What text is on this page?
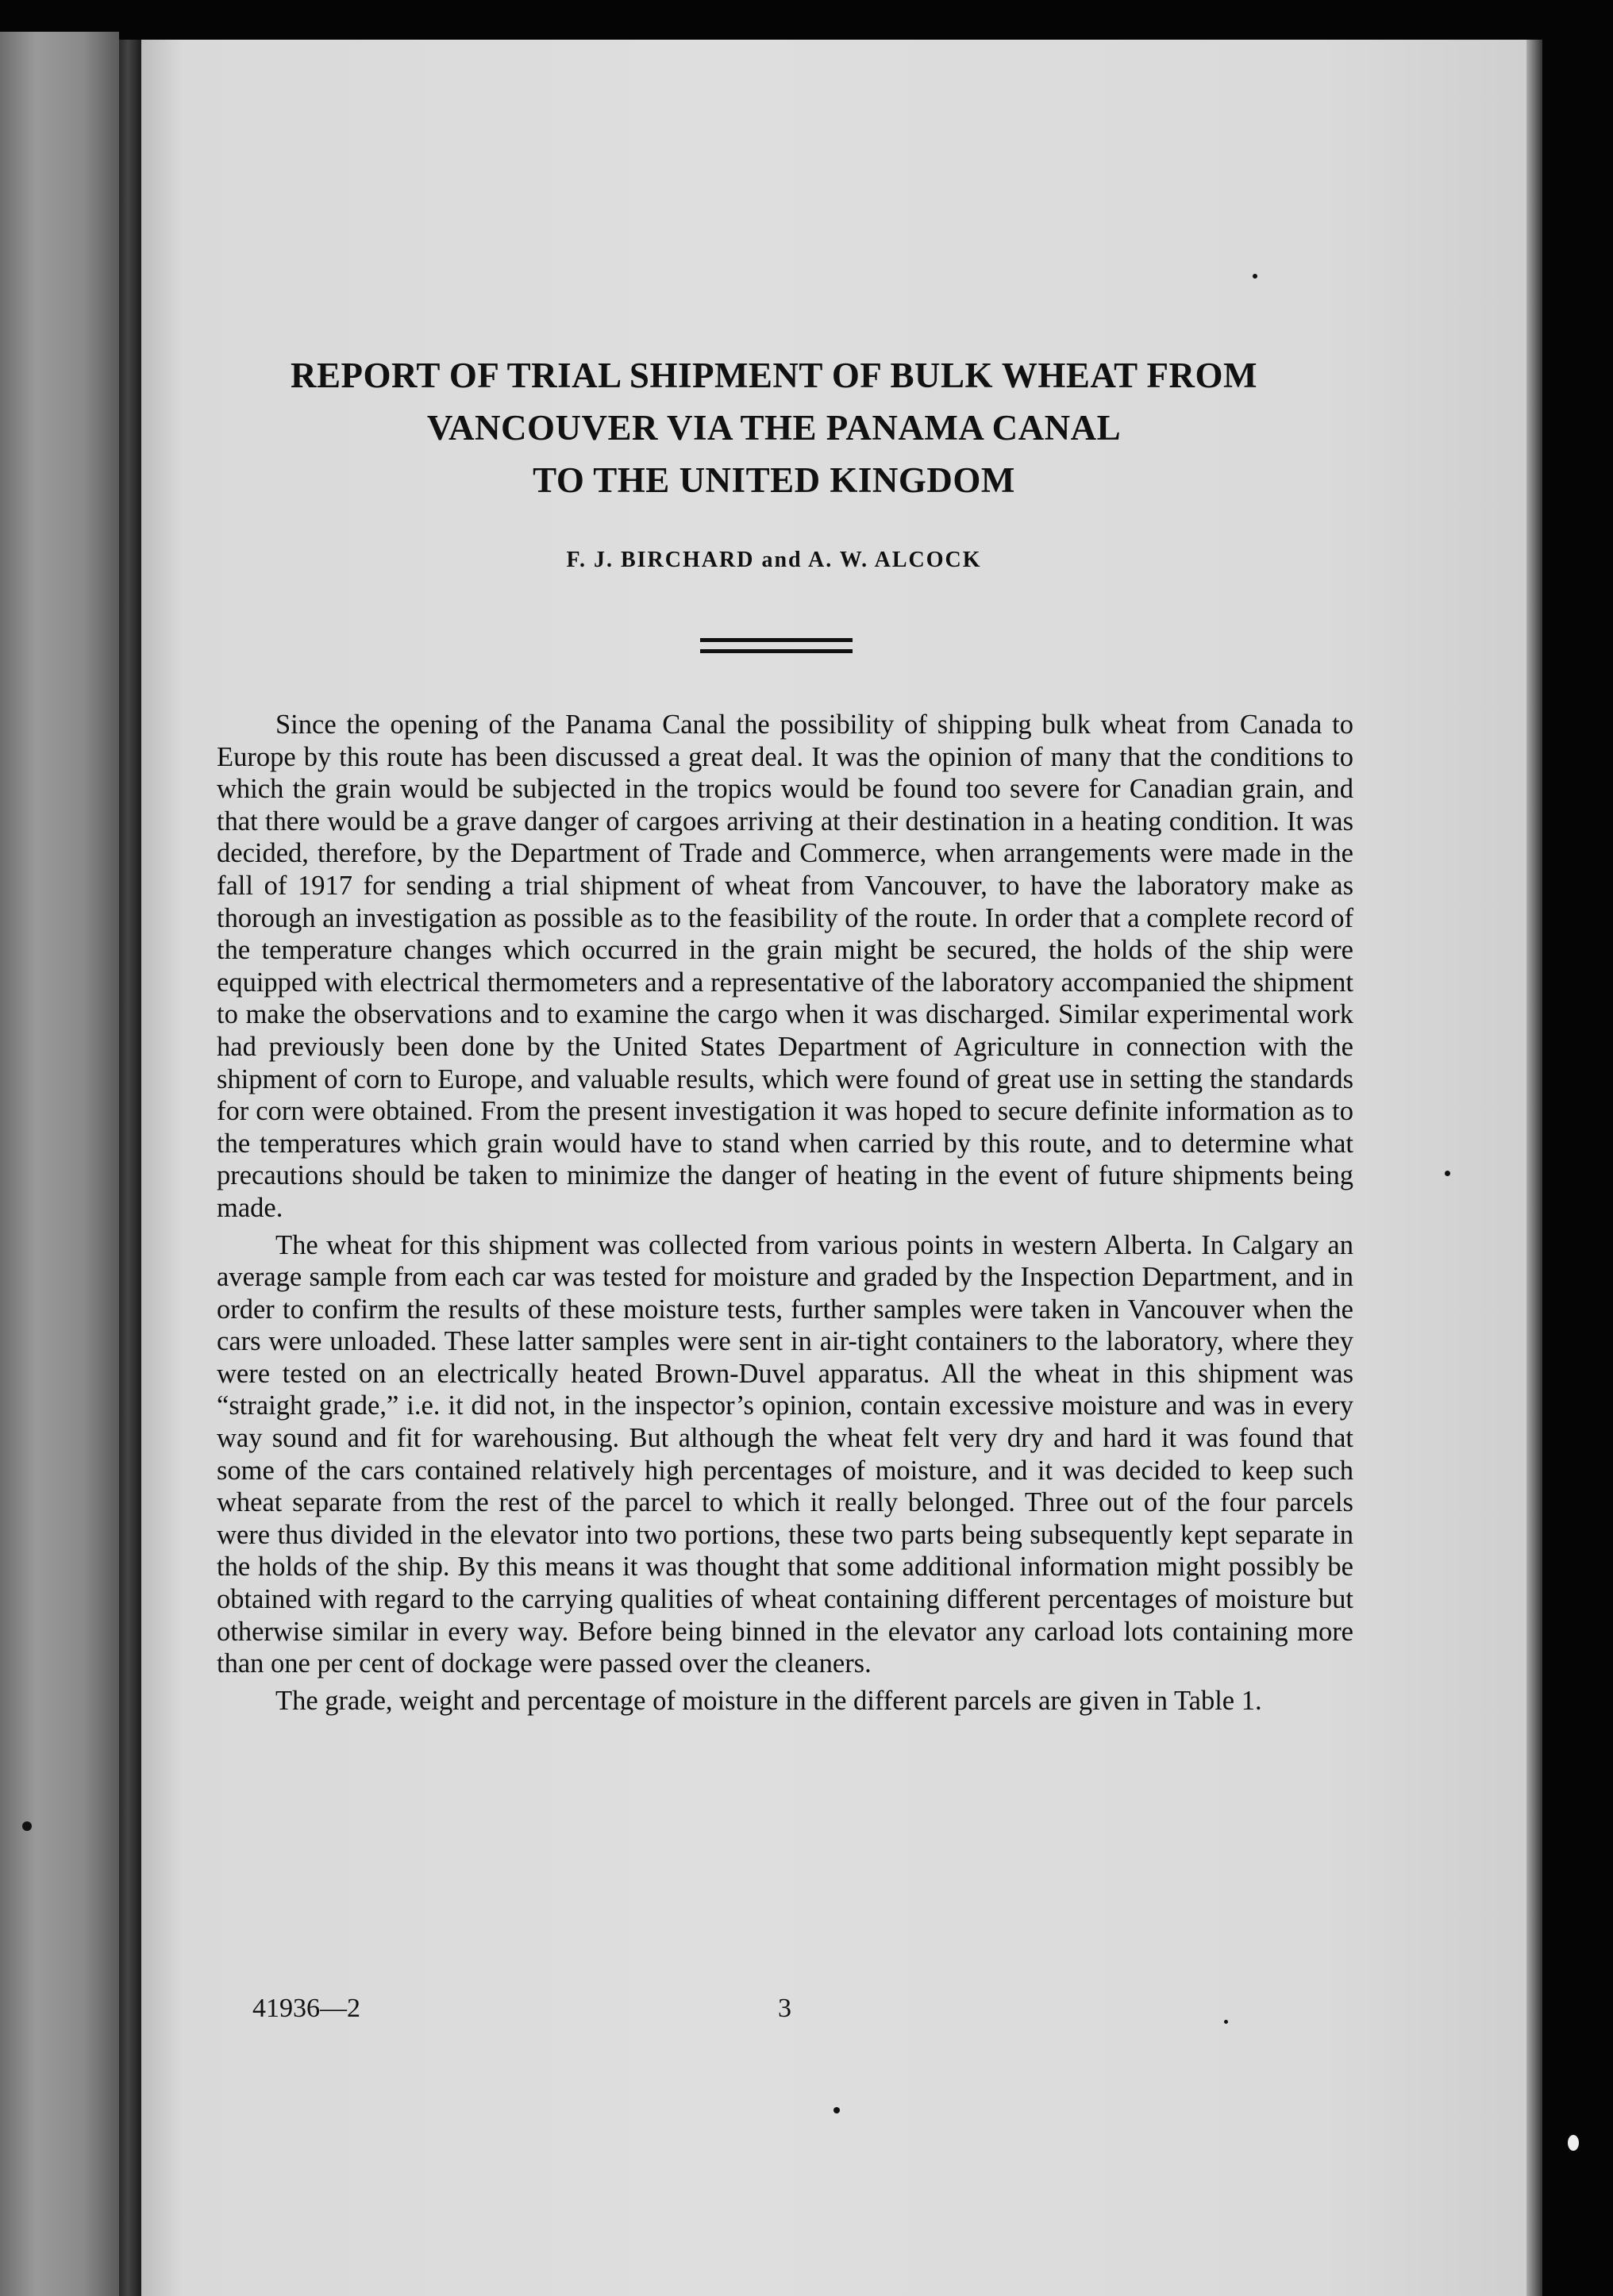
REPORT OF TRIAL SHIPMENT OF BULK WHEAT FROM
VANCOUVER VIA THE PANAMA CANAL
TO THE UNITED KINGDOM
F. J. BIRCHARD and A. W. ALCOCK

Since the opening of the Panama Canal the possibility of shipping bulk wheat from Canada to Europe by this route has been discussed a great deal. It was the opinion of many that the conditions to which the grain would be subjected in the tropics would be found too severe for Canadian grain, and that there would be a grave danger of cargoes arriving at their destination in a heating condition. It was decided, therefore, by the Department of Trade and Commerce, when arrangements were made in the fall of 1917 for sending a trial shipment of wheat from Vancouver, to have the laboratory make as thorough an investigation as possible as to the feasibility of the route. In order that a complete record of the temperature changes which occurred in the grain might be secured, the holds of the ship were equipped with electrical thermometers and a representative of the laboratory accompanied the shipment to make the observations and to examine the cargo when it was discharged. Similar experimental work had previously been done by the United States Department of Agriculture in connection with the shipment of corn to Europe, and valuable results, which were found of great use in setting the standards for corn were obtained. From the present investigation it was hoped to secure definite information as to the temperatures which grain would have to stand when carried by this route, and to determine what precautions should be taken to minimize the danger of heating in the event of future shipments being made.

The wheat for this shipment was collected from various points in western Alberta. In Calgary an average sample from each car was tested for moisture and graded by the Inspection Department, and in order to confirm the results of these moisture tests, further samples were taken in Vancouver when the cars were unloaded. These latter samples were sent in air-tight containers to the laboratory, where they were tested on an electrically heated Brown-Duvel apparatus. All the wheat in this shipment was “straight grade,” i.e. it did not, in the inspector’s opinion, contain excessive moisture and was in every way sound and fit for warehousing. But although the wheat felt very dry and hard it was found that some of the cars contained relatively high percentages of moisture, and it was decided to keep such wheat separate from the rest of the parcel to which it really belonged. Three out of the four parcels were thus divided in the elevator into two portions, these two parts being subsequently kept separate in the holds of the ship. By this means it was thought that some additional information might possibly be obtained with regard to the carrying qualities of wheat containing different percentages of moisture but otherwise similar in every way. Before being binned in the elevator any carload lots containing more than one per cent of dockage were passed over the cleaners.

The grade, weight and percentage of moisture in the different parcels are given in Table 1.

41936—2	3
